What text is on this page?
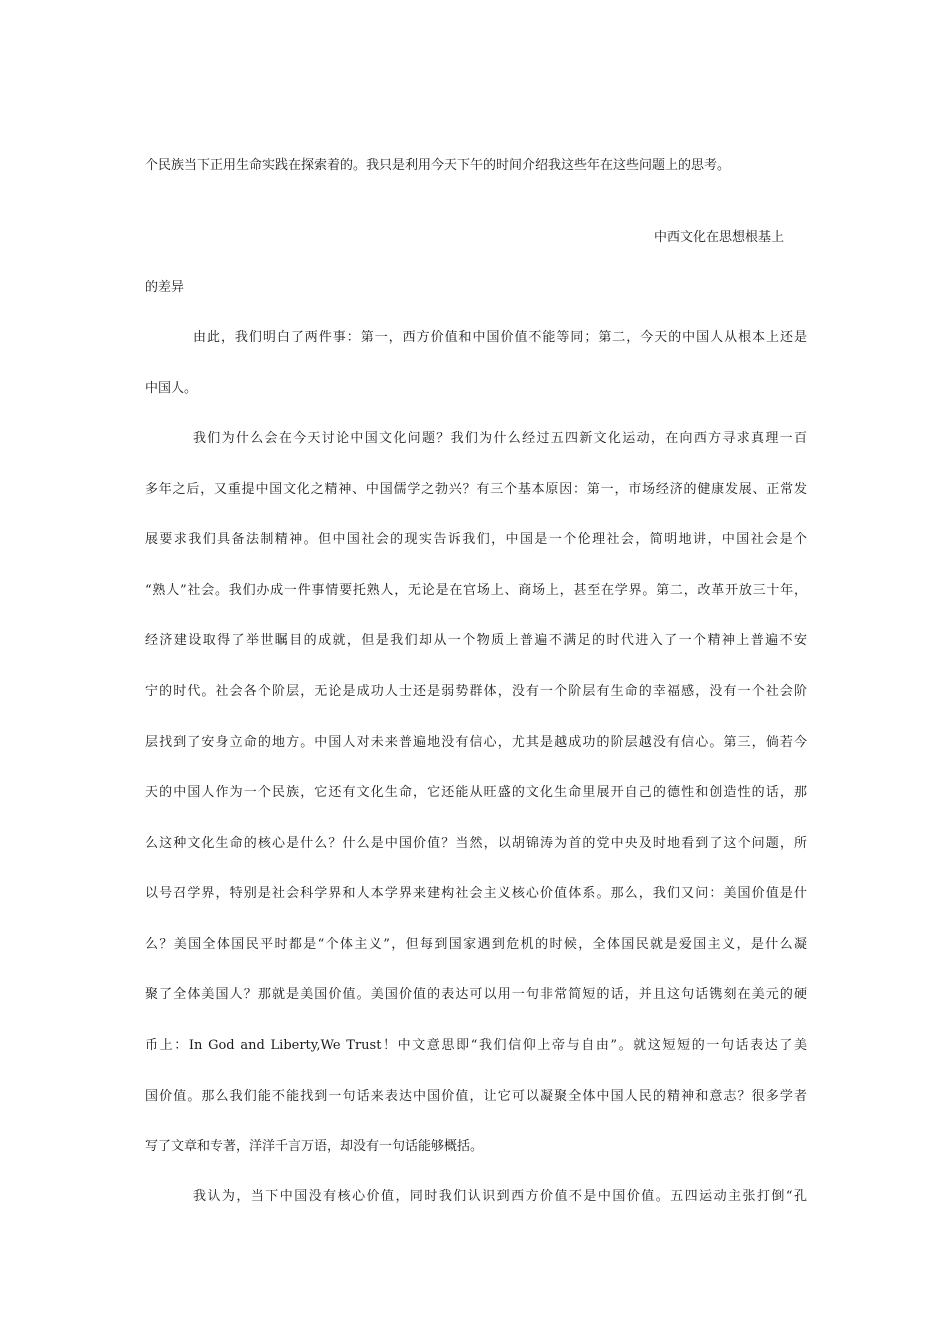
个民族当下正用生命实践在探索着的。我只是利用今天下午的时间介绍我这些年在这些问题上的思考。
中西文化在思想根基上
的差异
由此，我们明白了两件事：第一，西方价值和中国价值不能等同；第二，今天的中国人从根本上还是
中国人。
我们为什么会在今天讨论中国文化问题？我们为什么经过五四新文化运动，在向西方寻求真理一百
多年之后，又重提中国文化之精神、中国儒学之勃兴？有三个基本原因：第一，市场经济的健康发展、正常发
展要求我们具备法制精神。但中国社会的现实告诉我们，中国是一个伦理社会，简明地讲，中国社会是个
“熟人”社会。我们办成一件事情要托熟人，无论是在官场上、商场上，甚至在学界。第二，改革开放三十年，
经济建设取得了举世瞩目的成就，但是我们却从一个物质上普遍不满足的时代进入了一个精神上普遍不安
宁的时代。社会各个阶层，无论是成功人士还是弱势群体，没有一个阶层有生命的幸福感，没有一个社会阶
层找到了安身立命的地方。中国人对未来普遍地没有信心，尤其是越成功的阶层越没有信心。第三，倘若今
天的中国人作为一个民族，它还有文化生命，它还能从旺盛的文化生命里展开自己的德性和创造性的话，那
么这种文化生命的核心是什么？什么是中国价值？当然，以胡锦涛为首的党中央及时地看到了这个问题，所
以号召学界，特别是社会科学界和人本学界来建构社会主义核心价值体系。那么，我们又问：美国价值是什
么？美国全体国民平时都是“个体主义”，但每到国家遇到危机的时候，全体国民就是爱国主义，是什么凝
聚了全体美国人？那就是美国价值。美国价值的表达可以用一句非常简短的话，并且这句话镌刻在美元的硬
币上：In God and Liberty,We Trust！中文意思即“我们信仰上帝与自由”。就这短短的一句话表达了美
国价值。那么我们能不能找到一句话来表达中国价值，让它可以凝聚全体中国人民的精神和意志？很多学者
写了文章和专著，洋洋千言万语，却没有一句话能够概括。
我认为，当下中国没有核心价值，同时我们认识到西方价值不是中国价值。五四运动主张打倒“孔
